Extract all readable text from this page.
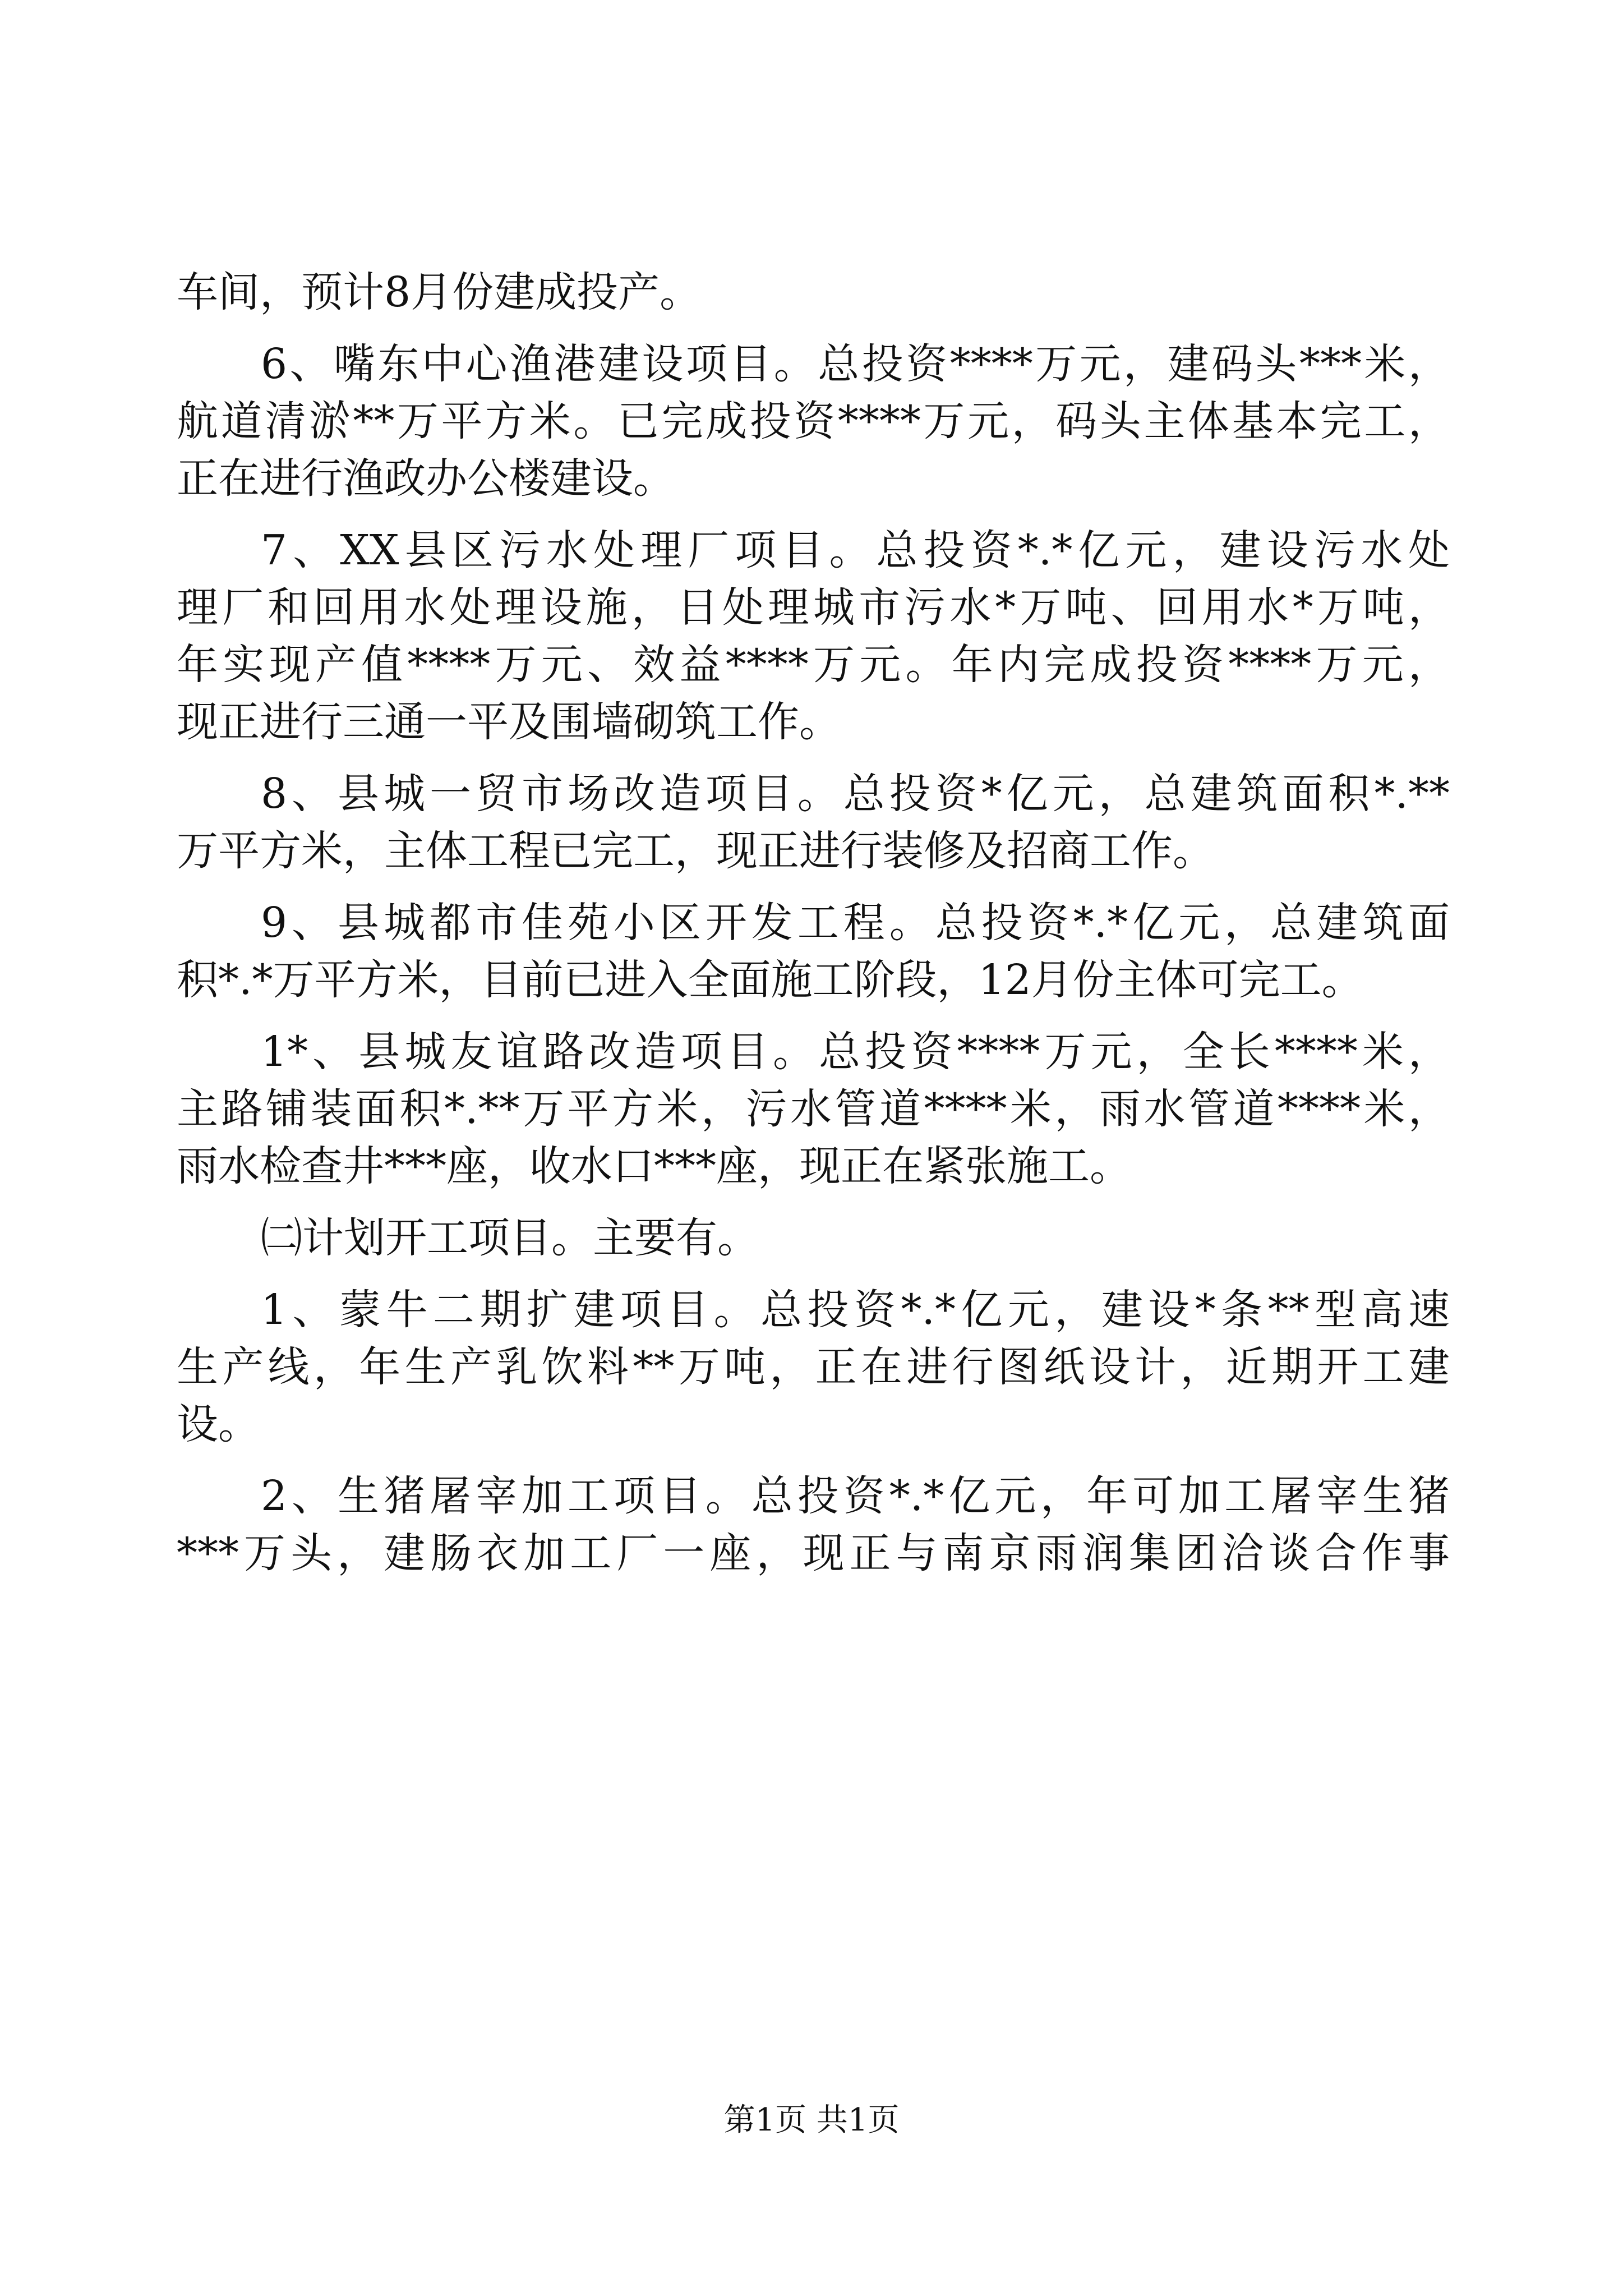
车间，预计8月份建成投产。
6、嘴东中心渔港建设项目。总投资****万元，建码头***米，
航道清淤**万平方米。已完成投资****万元，码头主体基本完工，
正在进行渔政办公楼建设。
7、XX县区污水处理厂项目。总投资*.*亿元，建设污水处
理厂和回用水处理设施，日处理城市污水*万吨、回用水*万吨，
年实现产值****万元、效益****万元。年内完成投资****万元，
现正进行三通一平及围墙砌筑工作。
8、县城一贸市场改造项目。总投资*亿元，总建筑面积*.**
万平方米，主体工程已完工，现正进行装修及招商工作。
9、县城都市佳苑小区开发工程。总投资*.*亿元，总建筑面
积*.*万平方米，目前已进入全面施工阶段，12月份主体可完工。
1*、县城友谊路改造项目。总投资****万元，全长****米，
主路铺装面积*.**万平方米，污水管道****米，雨水管道****米，
雨水检查井***座，收水口***座，现正在紧张施工。
㈡计划开工项目。主要有。
1、蒙牛二期扩建项目。总投资*.*亿元，建设*条**型高速
生产线，年生产乳饮料**万吨，正在进行图纸设计，近期开工建
设。
2、生猪屠宰加工项目。总投资*.*亿元，年可加工屠宰生猪
***万头，建肠衣加工厂一座，现正与南京雨润集团洽谈合作事
第1页 共1页
